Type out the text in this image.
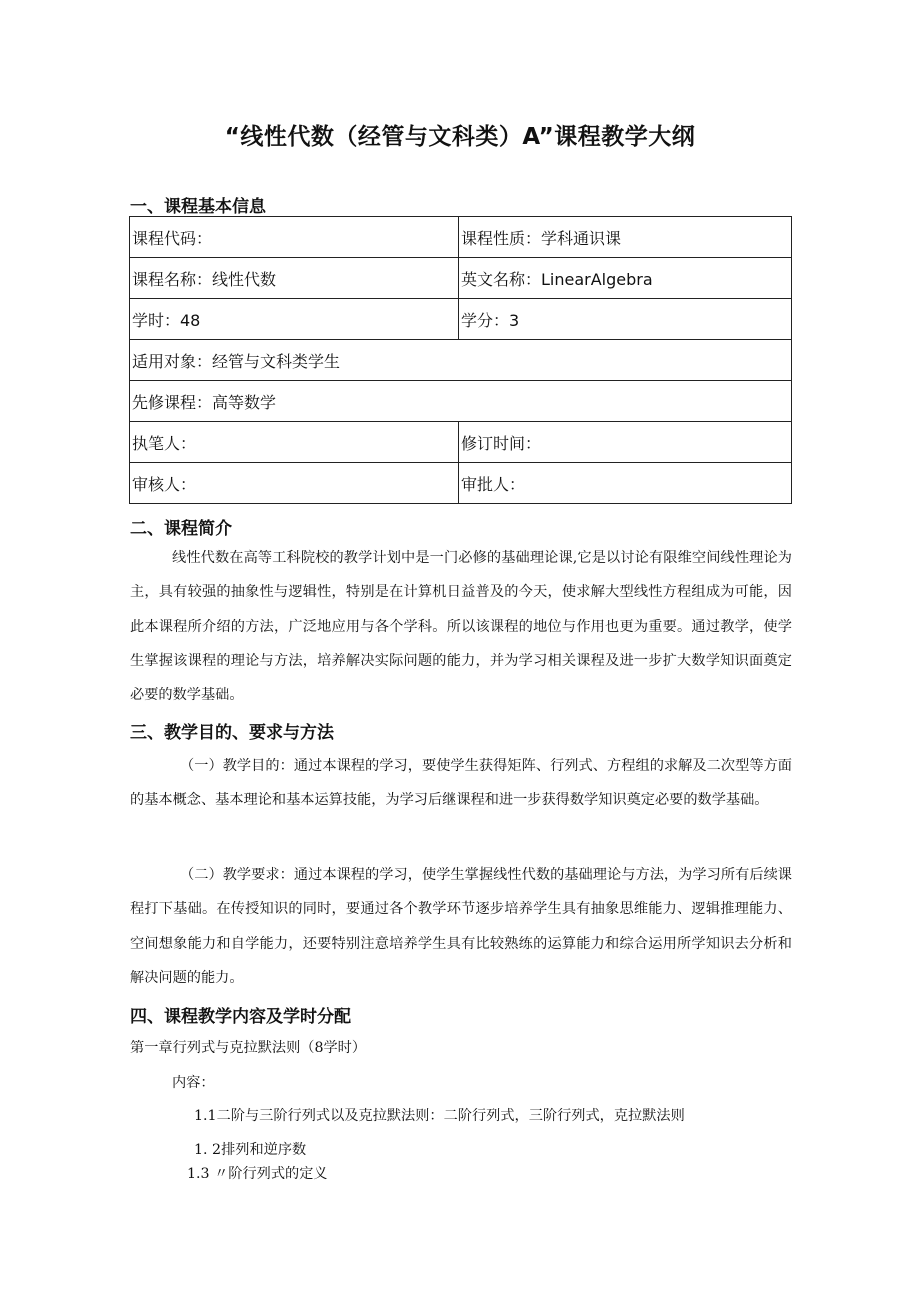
“线性代数（经管与文科类）A”课程教学大纲
一、课程基本信息
课程代码：	课程性质：学科通识课
课程名称：线性代数	英文名称：LinearAlgebra
学时：48	学分：3
适用对象：经管与文科类学生	
先修课程：高等数学	
执笔人：	修订时间：
审核人：	审批人：
二、课程简介
线性代数在高等工科院校的教学计划中是一门必修的基础理论课,它是以讨论有限维空间线性理论为主，具有较强的抽象性与逻辑性，特别是在计算机日益普及的今天，使求解大型线性方程组成为可能，因此本课程所介绍的方法，广泛地应用与各个学科。所以该课程的地位与作用也更为重要。通过教学，使学生掌握该课程的理论与方法，培养解决实际问题的能力，并为学习相关课程及进一步扩大数学知识面奠定必要的数学基础。
三、教学目的、要求与方法
（一）教学目的：通过本课程的学习，要使学生获得矩阵、行列式、方程组的求解及二次型等方面的基本概念、基本理论和基本运算技能，为学习后继课程和进一步获得数学知识奠定必要的数学基础。
（二）教学要求：通过本课程的学习，使学生掌握线性代数的基础理论与方法，为学习所有后续课程打下基础。在传授知识的同时，要通过各个教学环节逐步培养学生具有抽象思维能力、逻辑推理能力、空间想象能力和自学能力，还要特别注意培养学生具有比较熟练的运算能力和综合运用所学知识去分析和解决问题的能力。
四、课程教学内容及学时分配
第一章行列式与克拉默法则（8学时）
内容：
1.1二阶与三阶行列式以及克拉默法则：二阶行列式，三阶行列式，克拉默法则
1. 2排列和逆序数
1.3 〃阶行列式的定义
